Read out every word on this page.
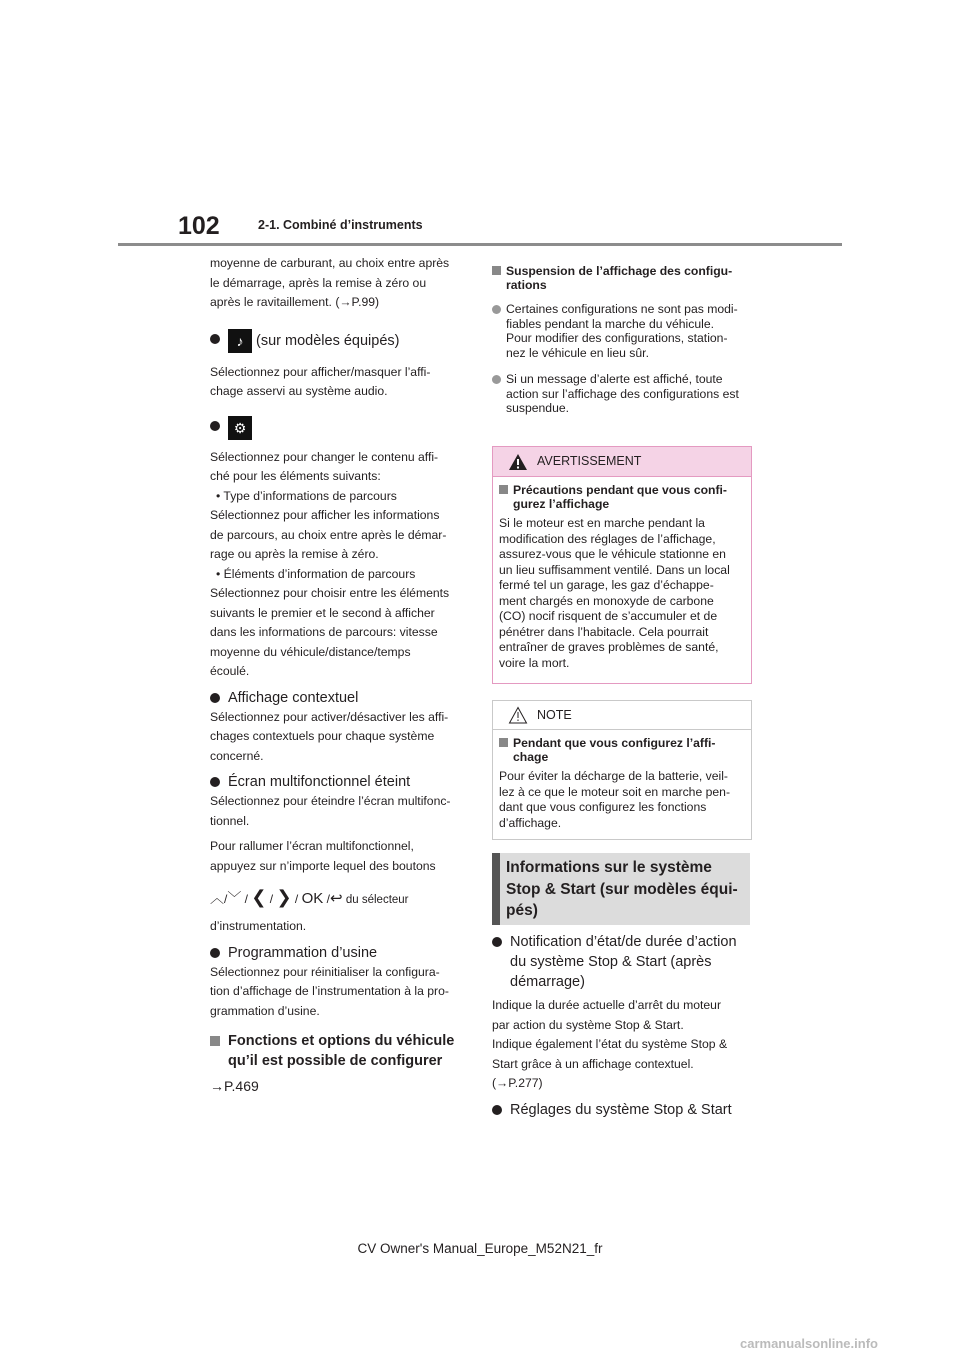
102	2-1. Combiné d’instruments

moyenne de carburant, au choix entre après

le démarrage, après la remise à zéro ou

après le ravitaillement. (→P.99)

♪ (sur modèles équipés)

Sélectionnez pour afficher/masquer l’affi-

chage asservi au système audio.

⚙

Sélectionnez pour changer le contenu affi-

ché pour les éléments suivants:

• Type d’informations de parcours

Sélectionnez pour afficher les informations

de parcours, au choix entre après le démar-

rage ou après la remise à zéro.

• Éléments d’information de parcours

Sélectionnez pour choisir entre les éléments

suivants le premier et le second à afficher

dans les informations de parcours: vitesse

moyenne du véhicule/distance/temps

écoulé.

Affichage contextuel

Sélectionnez pour activer/désactiver les affi-

chages contextuels pour chaque système

concerné.

Écran multifonctionnel éteint

Sélectionnez pour éteindre l’écran multifonc-

tionnel.

Pour rallumer l’écran multifonctionnel,

appuyez sur n’importe lequel des boutons

︿/﹀ / ❮ / ❯ / OK /↩ du sélecteur

d’instrumentation.

Programmation d’usine

Sélectionnez pour réinitialiser la configura-

tion d’affichage de l’instrumentation à la pro-

grammation d’usine.

Fonctions et options du véhicule
qu’il est possible de configurer

→P.469

Suspension de l’affichage des configu-
rations

Certaines configurations ne sont pas modi-
fiables pendant la marche du véhicule.
Pour modifier des configurations, station-
nez le véhicule en lieu sûr.

Si un message d’alerte est affiché, toute
action sur l’affichage des configurations est
suspendue.

AVERTISSEMENT

Précautions pendant que vous confi-
gurez l’affichage

Si le moteur est en marche pendant la

modification des réglages de l’affichage,

assurez-vous que le véhicule stationne en

un lieu suffisamment ventilé. Dans un local

fermé tel un garage, les gaz d’échappe-

ment chargés en monoxyde de carbone

(CO) nocif risquent de s’accumuler et de

pénétrer dans l’habitacle. Cela pourrait

entraîner de graves problèmes de santé,

voire la mort.

NOTE

Pendant que vous configurez l’affi-
chage

Pour éviter la décharge de la batterie, veil-

lez à ce que le moteur soit en marche pen-

dant que vous configurez les fonctions

d’affichage.

Informations sur le système
Stop & Start (sur modèles équi-
pés)

Notification d’état/de durée d’action
du système Stop & Start (après
démarrage)

Indique la durée actuelle d’arrêt du moteur

par action du système Stop & Start.

Indique également l’état du système Stop &

Start grâce à un affichage contextuel.

(→P.277)

Réglages du système Stop & Start

CV Owner's Manual_Europe_M52N21_fr
carmanualsonline.info
